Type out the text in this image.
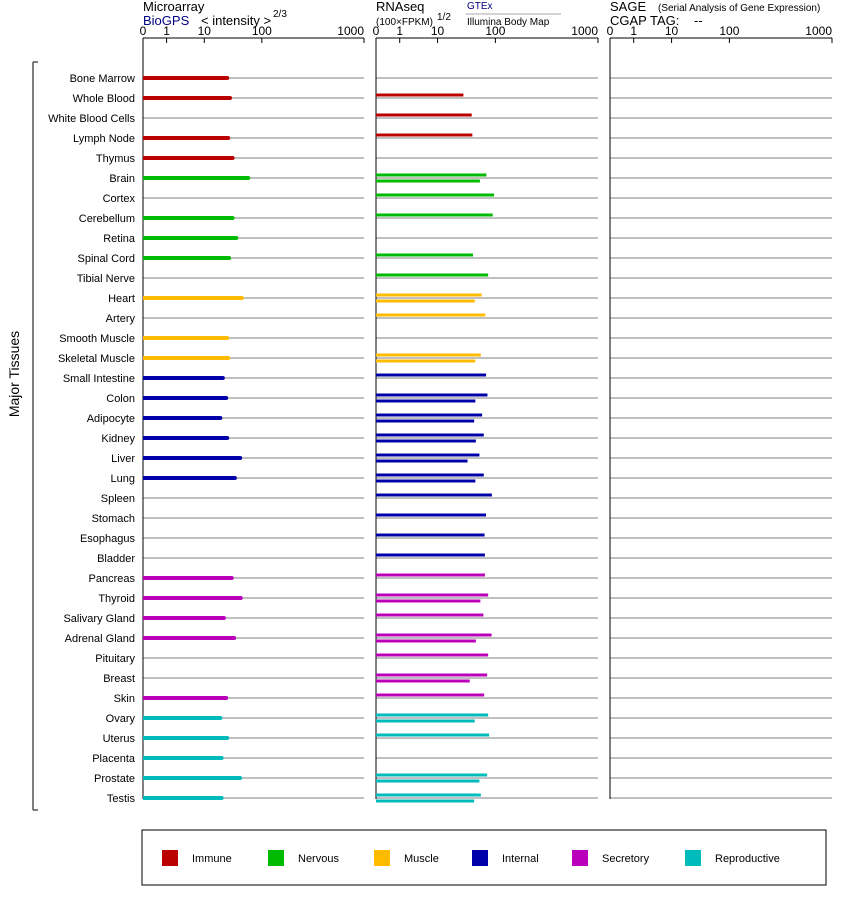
Microarray
BioGPS < intensity > 2/3
RNAseq
(100×FPKM) 1/2
GTEx
Illumina Body Map
SAGE (Serial Analysis of Gene Expression)
CGAP TAG: --
Major Tissues
Bone Marrow
Whole Blood
White Blood Cells
Lymph Node
Thymus
Brain
Cortex
Cerebellum
Retina
Spinal Cord
Tibial Nerve
Heart
Artery
Smooth Muscle
Skeletal Muscle
Small Intestine
Colon
Adipocyte
Kidney
Liver
Lung
Spleen
Stomach
Esophagus
Bladder
Pancreas
Thyroid
Salivary Gland
Adrenal Gland
Pituitary
Breast
Skin
Ovary
Uterus
Placenta
Prostate
Testis
0 1 10	100	1000 0 1 10	100	1000 0 1 10	100	1000
Immune	Nervous	Muscle	Internal	Secretory	Reproductive
